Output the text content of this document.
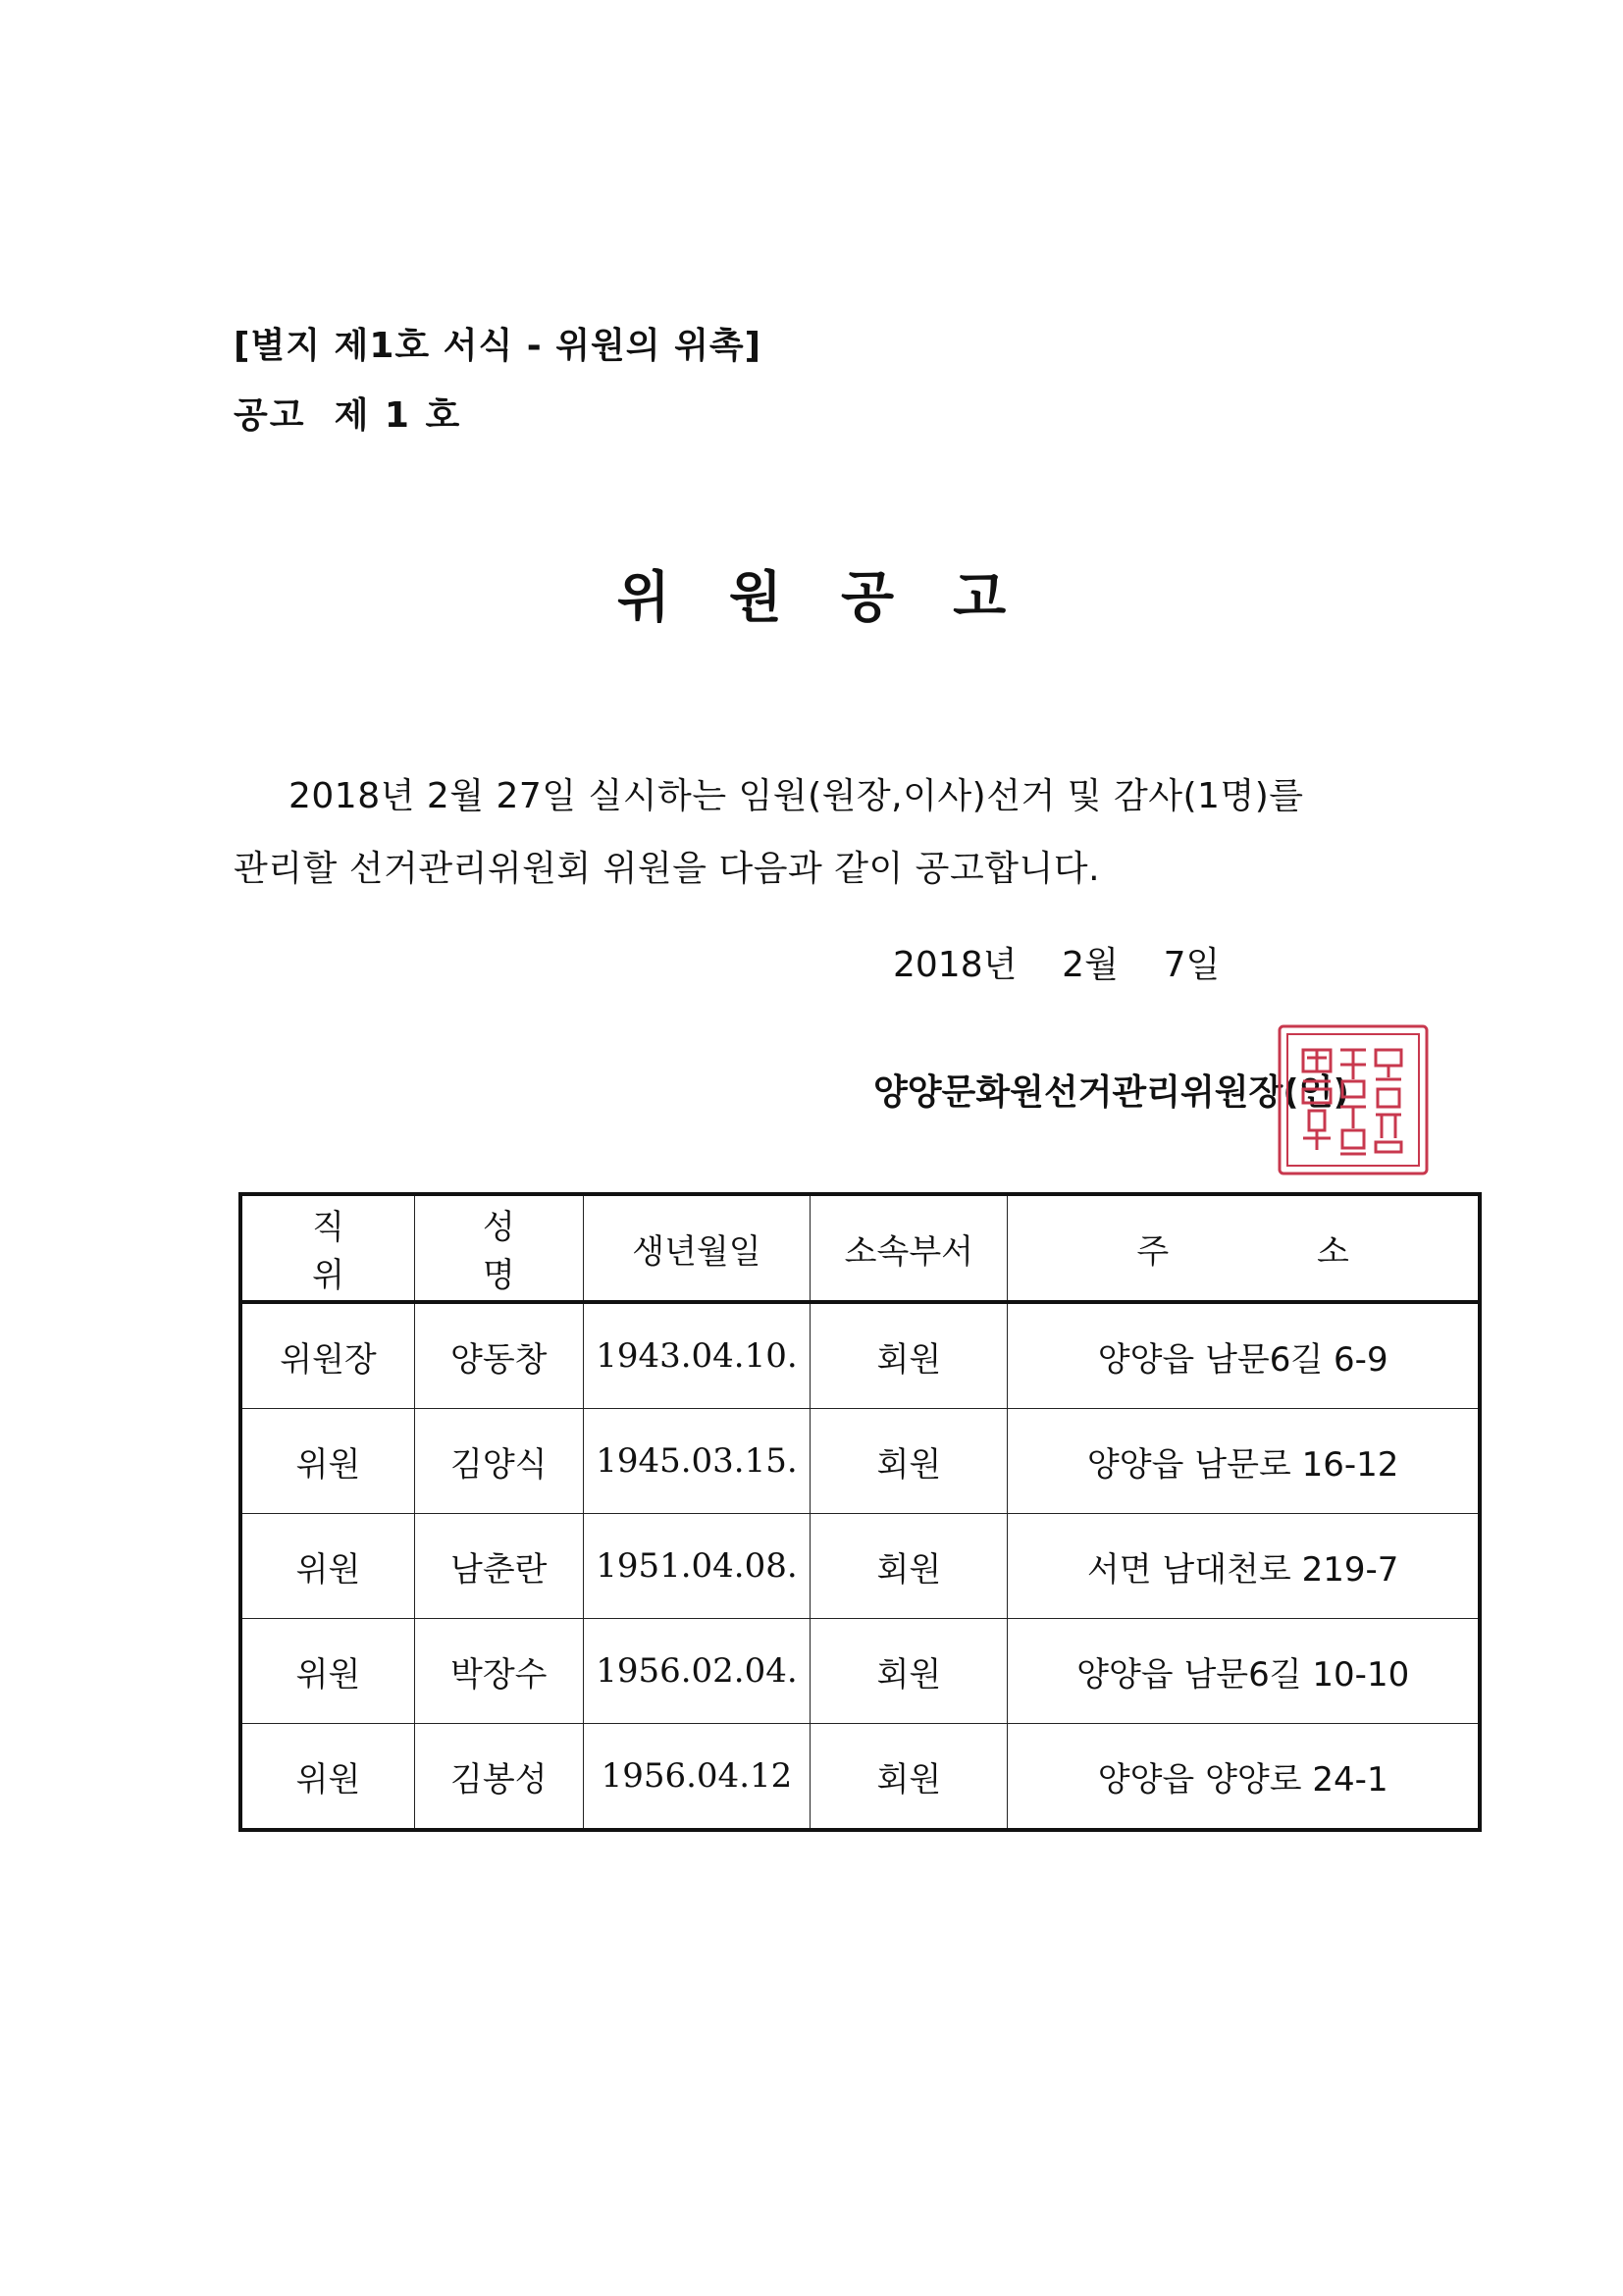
[별지 제1호 서식 - 위원의 위촉]
공고  제 1 호
위원공고
2018년 2월 27일 실시하는 임원(원장,이사)선거 및 감사(1명)를
관리할 선거관리위원회 위원을 다음과 같이 공고합니다.
2018년    2월    7일
양양문화원선거관리위원장(인)
직 위	성 명	생년월일	소속부서	주 소
위원장	양동창	1943.04.10.	회원	양양읍 남문6길 6-9
위원	김양식	1945.03.15.	회원	양양읍 남문로 16-12
위원	남춘란	1951.04.08.	회원	서면 남대천로 219-7
위원	박장수	1956.02.04.	회원	양양읍 남문6길 10-10
위원	김봉성	1956.04.12	회원	양양읍 양양로 24-1
